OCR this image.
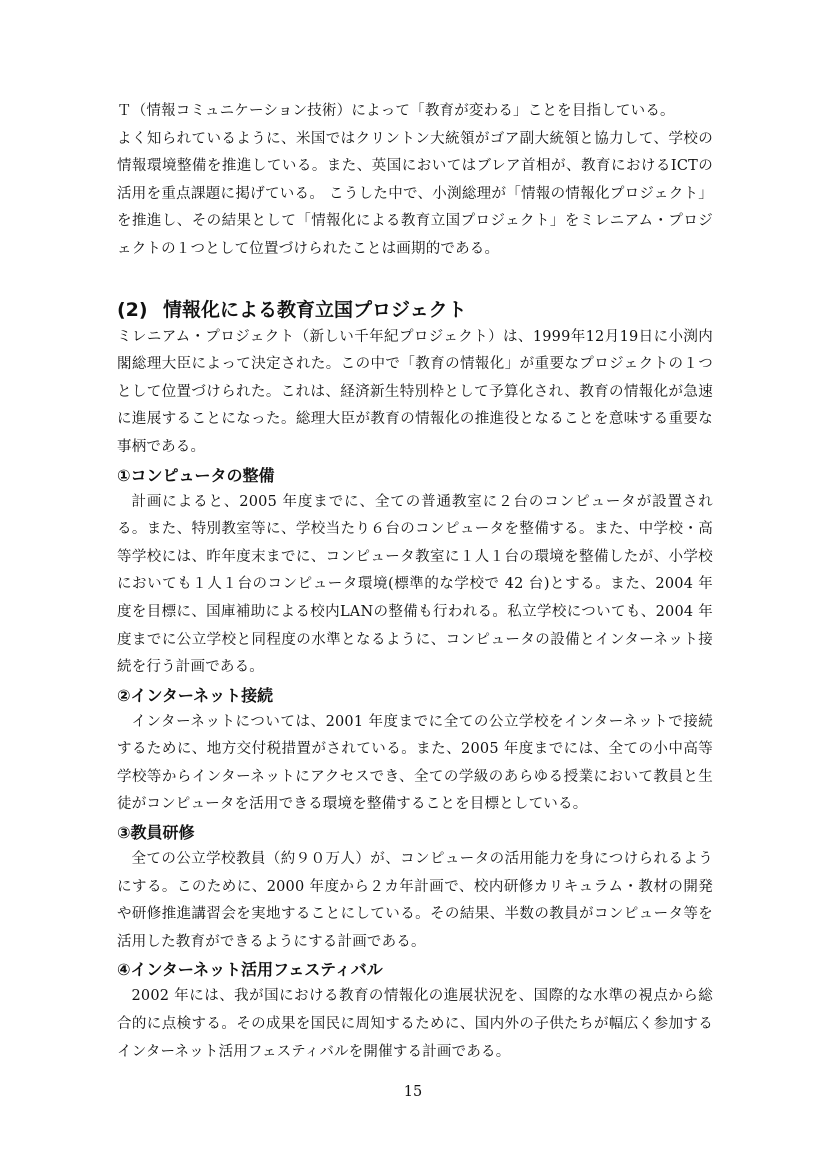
Ｔ（情報コミュニケーション技術）によって「教育が変わる」ことを目指している。

よく知られているように、米国ではクリントン大統領がゴア副大統領と協力して、学校の情報環境整備を推進している。また、英国においてはブレア首相が、教育におけるICTの活用を重点課題に掲げている。 こうした中で、小渕総理が「情報の情報化プロジェクト」を推進し、その結果として「情報化による教育立国プロジェクト」をミレニアム・プロジェクトの１つとして位置づけられたことは画期的である。

(2) 情報化による教育立国プロジェクト

ミレニアム・プロジェクト（新しい千年紀プロジェクト）は、1999年12月19日に小渕内閣総理大臣によって決定された。この中で「教育の情報化」が重要なプロジェクトの１つとして位置づけられた。これは、経済新生特別枠として予算化され、教育の情報化が急速に進展することになった。総理大臣が教育の情報化の推進役となることを意味する重要な事柄である。

①コンピュータの整備

計画によると、2005 年度までに、全ての普通教室に２台のコンピュータが設置される。また、特別教室等に、学校当たり６台のコンピュータを整備する。また、中学校・高等学校には、昨年度末までに、コンピュータ教室に１人１台の環境を整備したが、小学校においても１人１台のコンピュータ環境(標準的な学校で 42 台)とする。また、2004 年度を目標に、国庫補助による校内LANの整備も行われる。私立学校についても、2004 年度までに公立学校と同程度の水準となるように、コンピュータの設備とインターネット接続を行う計画である。

②インターネット接続

インターネットについては、2001 年度までに全ての公立学校をインターネットで接続するために、地方交付税措置がされている。また、2005 年度までには、全ての小中高等学校等からインターネットにアクセスでき、全ての学級のあらゆる授業において教員と生徒がコンピュータを活用できる環境を整備することを目標としている。

③教員研修

全ての公立学校教員（約９０万人）が、コンピュータの活用能力を身につけられるようにする。このために、2000 年度から２カ年計画で、校内研修カリキュラム・教材の開発や研修推進講習会を実地することにしている。その結果、半数の教員がコンピュータ等を活用した教育ができるようにする計画である。

④インターネット活用フェスティバル

2002 年には、我が国における教育の情報化の進展状況を、国際的な水準の視点から総合的に点検する。その成果を国民に周知するために、国内外の子供たちが幅広く参加するインターネット活用フェスティバルを開催する計画である。

15
